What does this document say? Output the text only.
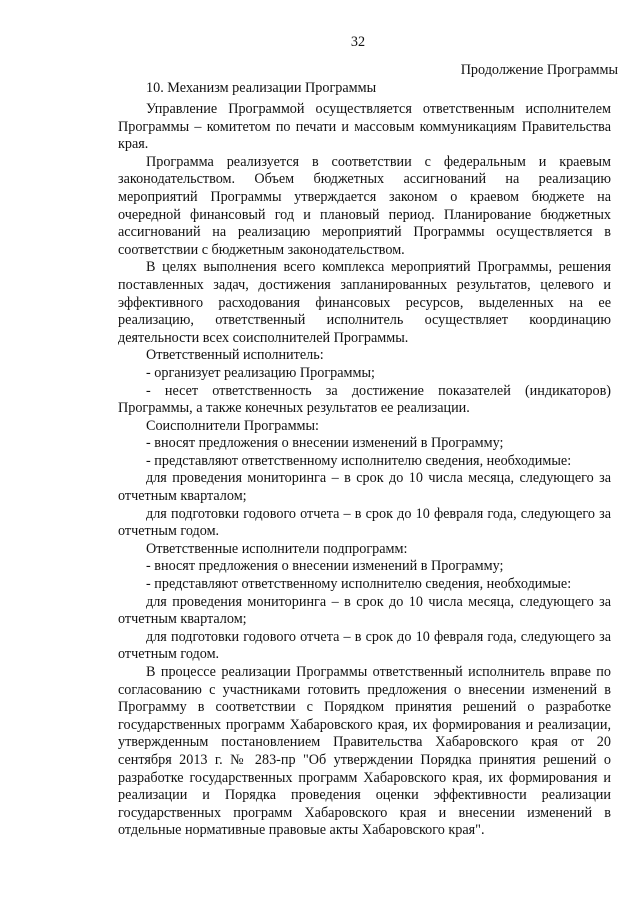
32
Продолжение Программы
10. Механизм реализации Программы

Управление Программой осуществляется ответственным исполнителем Программы – комитетом по печати и массовым коммуникациям Правительства края.

Программа реализуется в соответствии с федеральным и краевым законодательством. Объем бюджетных ассигнований на реализацию мероприятий Программы утверждается законом о краевом бюджете на очередной финансовый год и плановый период. Планирование бюджетных ассигнований на реализацию мероприятий Программы осуществляется в соответствии с бюджетным законодательством.

В целях выполнения всего комплекса мероприятий Программы, решения поставленных задач, достижения запланированных результатов, целевого и эффективного расходования финансовых ресурсов, выделенных на ее реализацию, ответственный исполнитель осуществляет координацию деятельности всех соисполнителей Программы.

Ответственный исполнитель:

- организует реализацию Программы;

- несет ответственность за достижение показателей (индикаторов) Программы, а также конечных результатов ее реализации.

Соисполнители Программы:

- вносят предложения о внесении изменений в Программу;

- представляют ответственному исполнителю сведения, необходимые:

для проведения мониторинга – в срок до 10 числа месяца, следующего за отчетным кварталом;

для подготовки годового отчета – в срок до 10 февраля года, следующего за отчетным годом.

Ответственные исполнители подпрограмм:

- вносят предложения о внесении изменений в Программу;

- представляют ответственному исполнителю сведения, необходимые:

для проведения мониторинга – в срок до 10 числа месяца, следующего за отчетным кварталом;

для подготовки годового отчета – в срок до 10 февраля года, следующего за отчетным годом.

В процессе реализации Программы ответственный исполнитель вправе по согласованию с участниками готовить предложения о внесении изменений в Программу в соответствии с Порядком принятия решений о разработке государственных программ Хабаровского края, их формирования и реализации, утвержденным постановлением Правительства Хабаровского края от 20 сентября 2013 г. № 283-пр "Об утверждении Порядка принятия решений о разработке государственных программ Хабаровского края, их формирования и реализации и Порядка проведения оценки эффективности реализации государственных программ Хабаровского края и внесении изменений в отдельные нормативные правовые акты Хабаровского края".
